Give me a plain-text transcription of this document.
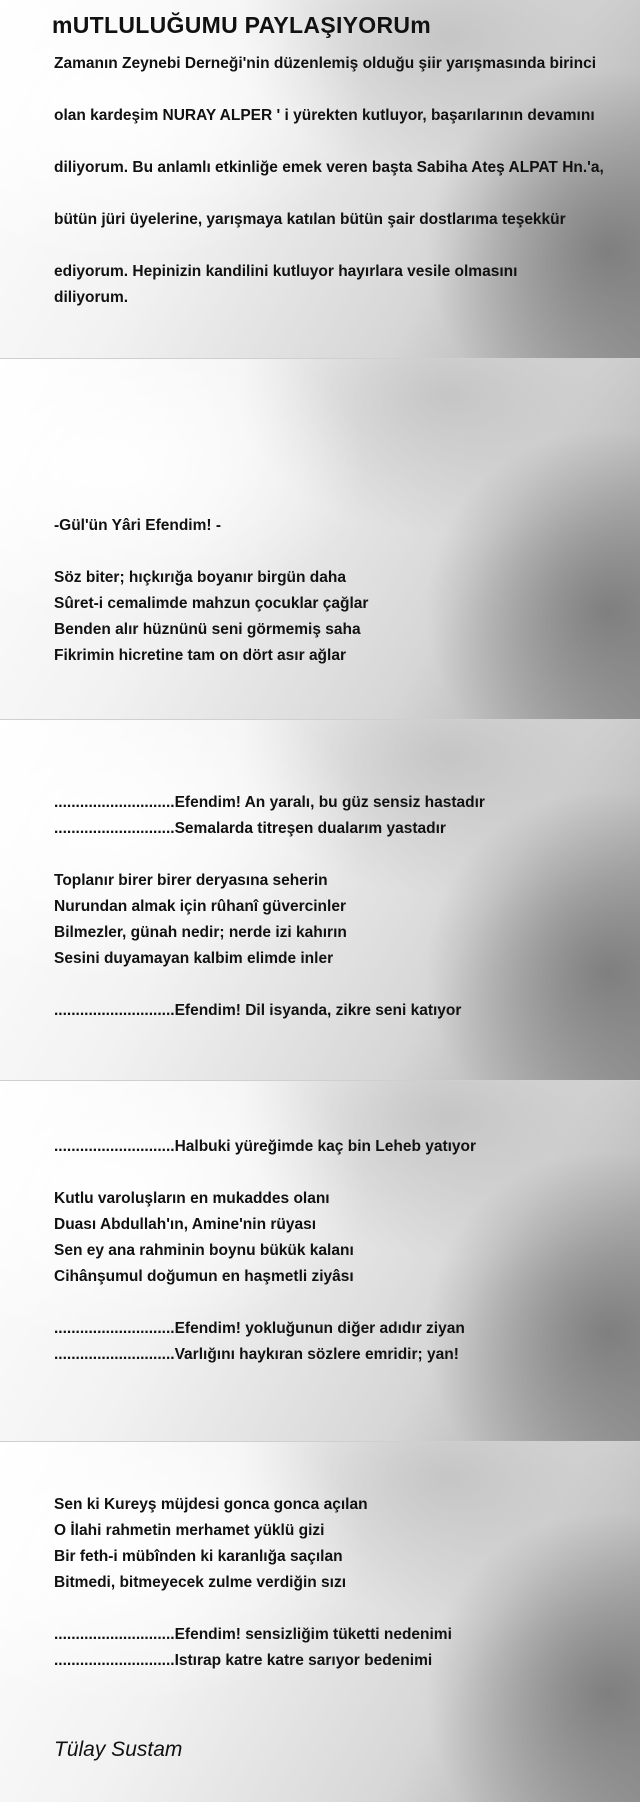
mUTLULUĞUMU PAYLAŞIYORUm
Zamanın Zeynebi Derneği'nin düzenlemiş olduğu şiir yarışmasında birinci
olan kardeşim NURAY ALPER ' i yürekten kutluyor, başarılarının devamını
diliyorum. Bu anlamlı etkinliğe emek veren başta Sabiha Ateş ALPAT Hn.'a,
bütün jüri üyelerine, yarışmaya katılan bütün şair dostlarıma teşekkür
ediyorum. Hepinizin kandilini kutluyor hayırlara vesile olmasını
diliyorum.
-Gül'ün Yâri Efendim! -
Söz biter; hıçkırığa boyanır birgün daha
Sûret-i cemalimde mahzun çocuklar çağlar
Benden alır hüznünü seni görmemiş saha
Fikrimin hicretine tam on dört asır ağlar
............................Efendim! An yaralı, bu güz sensiz hastadır
............................Semalarda titreşen dualarım yastadır
Toplanır birer birer deryasına seherin
Nurundan almak için rûhanî güvercinler
Bilmezler, günah nedir; nerde izi kahırın
Sesini duyamayan kalbim elimde inler
............................Efendim! Dil isyanda, zikre seni katıyor
............................Halbuki yüreğimde kaç bin Leheb yatıyor
Kutlu varoluşların en mukaddes olanı
Duası Abdullah'ın, Amine'nin rüyası
Sen ey ana rahminin boynu bükük kalanı
Cihânşumul doğumun en haşmetli ziyâsı
............................Efendim! yokluğunun diğer adıdır ziyan
............................Varlığını haykıran sözlere emridir; yan!
Sen ki Kureyş müjdesi gonca gonca açılan
O İlahi rahmetin merhamet yüklü gizi
Bir feth-i mübînden ki karanlığa saçılan
Bitmedi, bitmeyecek zulme verdiğin sızı
............................Efendim! sensizliğim tüketti nedenimi
............................Istırap katre katre sarıyor bedenimi
Tülay Sustam
